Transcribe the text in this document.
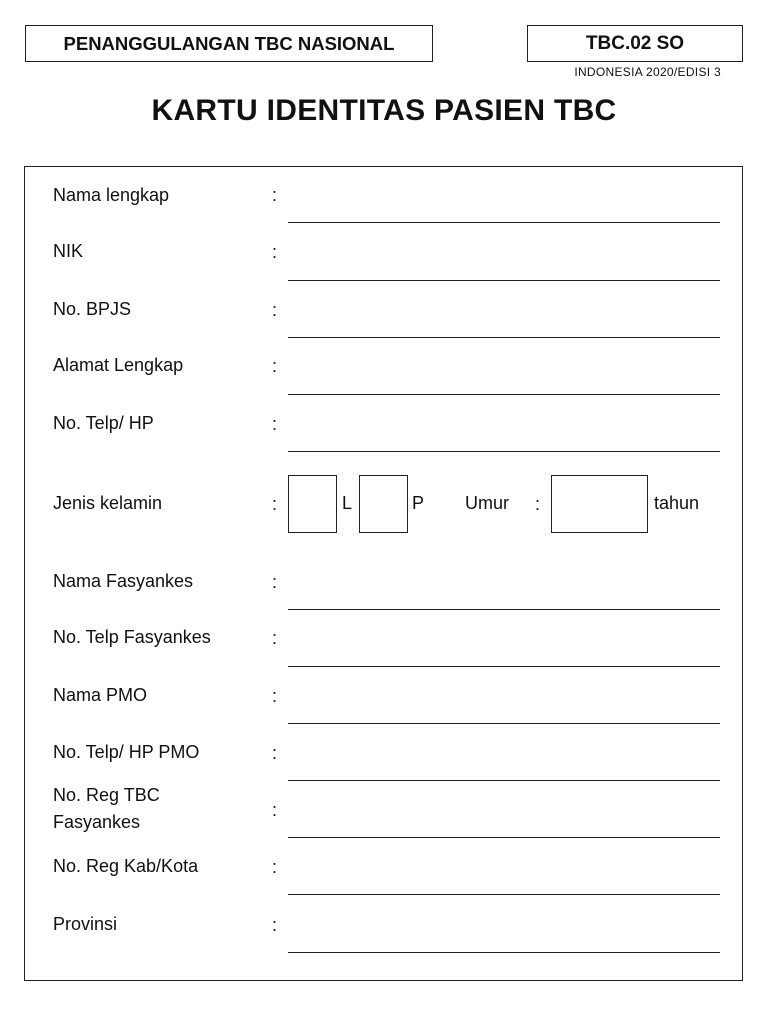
PENANGGULANGAN TBC NASIONAL	TBC.02 SO
INDONESIA 2020/EDISI 3
KARTU IDENTITAS PASIEN TBC
Nama lengkap	:
NIK	:
No. BPJS	:
Alamat Lengkap	:
No. Telp/ HP	:
Jenis kelamin	:	L	P Umur :	tahun
Nama Fasyankes	:
No. Telp Fasyankes	:
Nama PMO	:
No. Telp/ HP PMO	:
No. Reg TBC
Fasyankes
:
No. Reg Kab/Kota	:
Provinsi	:
